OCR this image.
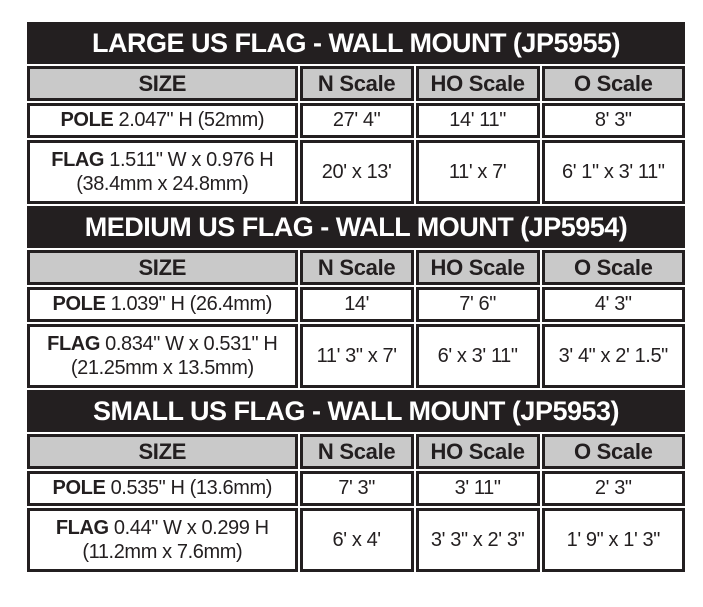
LARGE US FLAG - WALL MOUNT (JP5955)			
SIZE	N Scale	HO Scale	O Scale
POLE 2.047" H (52mm)	27' 4"	14' 11"	8' 3"

FLAG 1.511" W x 0.976 H
(38.4mm x 24.8mm)	20' x 13'	11' x 7'	6' 1" x 3' 11"
MEDIUM US FLAG - WALL MOUNT (JP5954)			
SIZE	N Scale	HO Scale	O Scale
POLE 1.039" H (26.4mm)	14'	7' 6"	4' 3"

FLAG 0.834" W x 0.531" H
(21.25mm x 13.5mm)	11' 3" x 7'	6' x 3' 11"	3' 4" x 2' 1.5"
SMALL US FLAG - WALL MOUNT (JP5953)			
SIZE	N Scale	HO Scale	O Scale
POLE 0.535" H (13.6mm)	7' 3"	3' 11"	2' 3"

FLAG 0.44" W x 0.299 H
(11.2mm x 7.6mm)	6' x 4'	3' 3" x 2' 3"	1' 9" x 1' 3"
